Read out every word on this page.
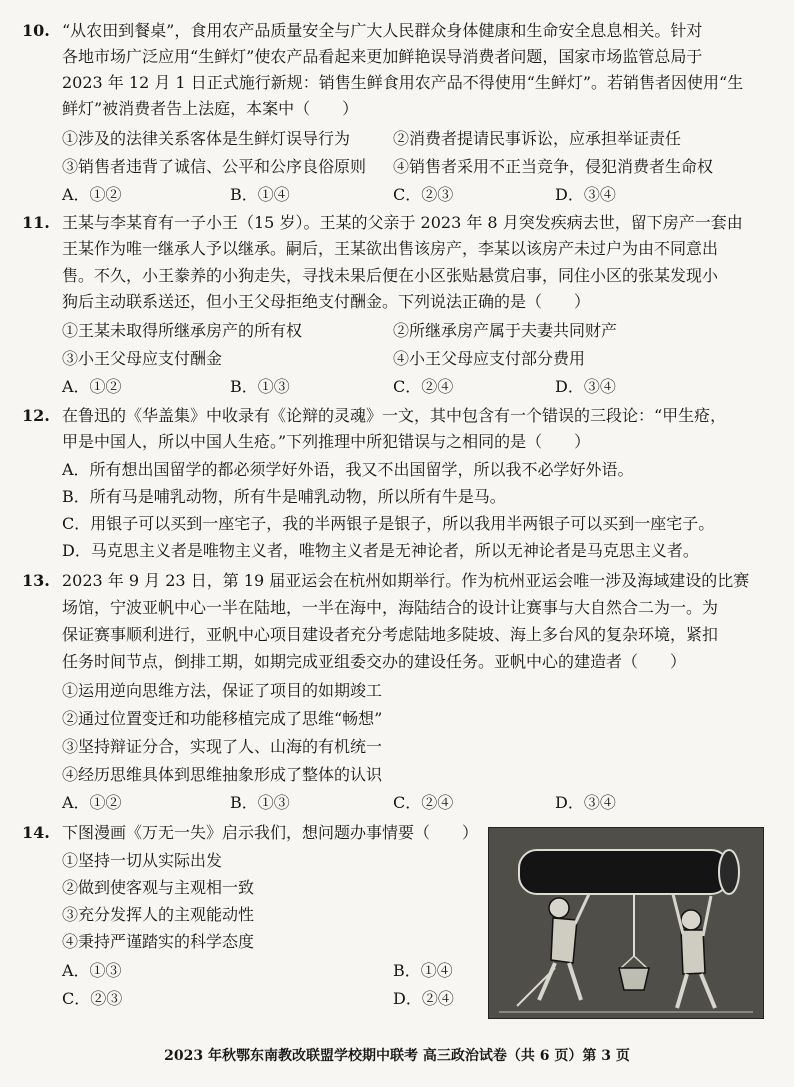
10. “从农田到餐桌”，食用农产品质量安全与广大人民群众身体健康和生命安全息息相关。针对
各地市场广泛应用“生鲜灯”使农产品看起来更加鲜艳误导消费者问题，国家市场监管总局于
2023 年 12 月 1 日正式施行新规：销售生鲜食用农产品不得使用“生鲜灯”。若销售者因使用“生
鲜灯”被消费者告上法庭，本案中（　　）
①涉及的法律关系客体是生鲜灯误导行为	②消费者提请民事诉讼，应承担举证责任
③销售者违背了诚信、公平和公序良俗原则 ④销售者采用不正当竞争，侵犯消费者生命权
A．①②	B．①④	C．②③	D．③④
11. 王某与李某育有一子小王（15 岁）。王某的父亲于 2023 年 8 月突发疾病去世，留下房产一套由
王某作为唯一继承人予以继承。嗣后，王某欲出售该房产，李某以该房产未过户为由不同意出
售。不久，小王豢养的小狗走失，寻找未果后便在小区张贴悬赏启事，同住小区的张某发现小
狗后主动联系送还，但小王父母拒绝支付酬金。下列说法正确的是（　　）
①王某未取得所继承房产的所有权	②所继承房产属于夫妻共同财产
③小王父母应支付酬金	④小王父母应支付部分费用
A．①②	B．①③	C．②④	D．③④
12. 在鲁迅的《华盖集》中收录有《论辩的灵魂》一文，其中包含有一个错误的三段论：“甲生疮，
甲是中国人，所以中国人生疮。”下列推理中所犯错误与之相同的是（　　）
A．所有想出国留学的都必须学好外语，我又不出国留学，所以我不必学好外语。
B．所有马是哺乳动物，所有牛是哺乳动物，所以所有牛是马。
C．用银子可以买到一座宅子，我的半两银子是银子，所以我用半两银子可以买到一座宅子。
D．马克思主义者是唯物主义者，唯物主义者是无神论者，所以无神论者是马克思主义者。
13. 2023 年 9 月 23 日，第 19 届亚运会在杭州如期举行。作为杭州亚运会唯一涉及海域建设的比赛
场馆，宁波亚帆中心一半在陆地，一半在海中，海陆结合的设计让赛事与大自然合二为一。为
保证赛事顺利进行，亚帆中心项目建设者充分考虑陆地多陡坡、海上多台风的复杂环境，紧扣
任务时间节点，倒排工期，如期完成亚组委交办的建设任务。亚帆中心的建造者（　　）
①运用逆向思维方法，保证了项目的如期竣工
②通过位置变迁和功能移植完成了思维“畅想”
③坚持辩证分合，实现了人、山海的有机统一
④经历思维具体到思维抽象形成了整体的认识
A．①②	B．①③	C．②④	D．③④
14. 下图漫画《万无一失》启示我们，想问题办事情要（　　）
①坚持一切从实际出发
②做到使客观与主观相一致
③充分发挥人的主观能动性
④秉持严谨踏实的科学态度
A．①③	B．①④
C．②③	D．②④
2023 年秋鄂东南教改联盟学校期中联考 高三政治试卷（共 6 页）第 3 页
